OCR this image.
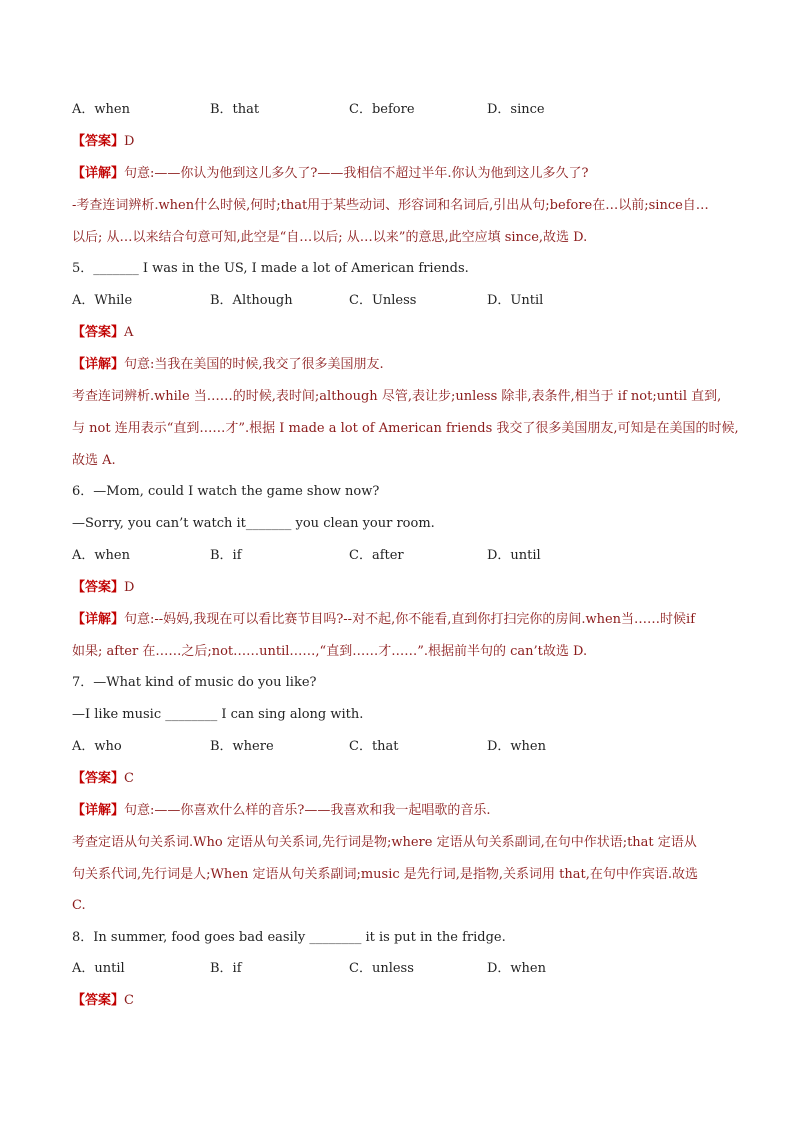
A．when	B．that	C．before	D．since
【答案】D
【详解】句意:——你认为他到这儿多久了?——我相信不超过半年.你认为他到这儿多久了?
-考查连词辨析.when什么时候,何时;that用于某些动词、形容词和名词后,引出从句;before在…以前;since自…
以后; 从…以来结合句意可知,此空是“自…以后; 从…以来”的意思,此空应填 since,故选 D.
5．_______ I was in the US, I made a lot of American friends.
A．While	B．Although	C．Unless	D．Until
【答案】A
【详解】句意:当我在美国的时候,我交了很多美国朋友.
考查连词辨析.while 当……的时候,表时间;although 尽管,表让步;unless 除非,表条件,相当于 if not;until 直到,
与 not 连用表示“直到……才”.根据 I made a lot of American friends 我交了很多美国朋友,可知是在美国的时候,
故选 A.
6．—Mom, could I watch the game show now?
—Sorry, you can’t watch it_______ you clean your room.
A．when	B．if	C．after	D．until
【答案】D
【详解】句意:--妈妈,我现在可以看比赛节目吗?--对不起,你不能看,直到你打扫完你的房间.when当……时候if
如果; after 在……之后;not……until……,“直到……才……”.根据前半句的 can’t故选 D.
7．—What kind of music do you like?
—I like music ________ I can sing along with.
A．who	B．where	C．that	D．when
【答案】C
【详解】句意:——你喜欢什么样的音乐?——我喜欢和我一起唱歌的音乐.
考查定语从句关系词.Who 定语从句关系词,先行词是物;where 定语从句关系副词,在句中作状语;that 定语从
句关系代词,先行词是人;When 定语从句关系副词;music 是先行词,是指物,关系词用 that,在句中作宾语.故选
C.
8．In summer, food goes bad easily ________ it is put in the fridge.
A．until	B．if	C．unless	D．when
【答案】C
